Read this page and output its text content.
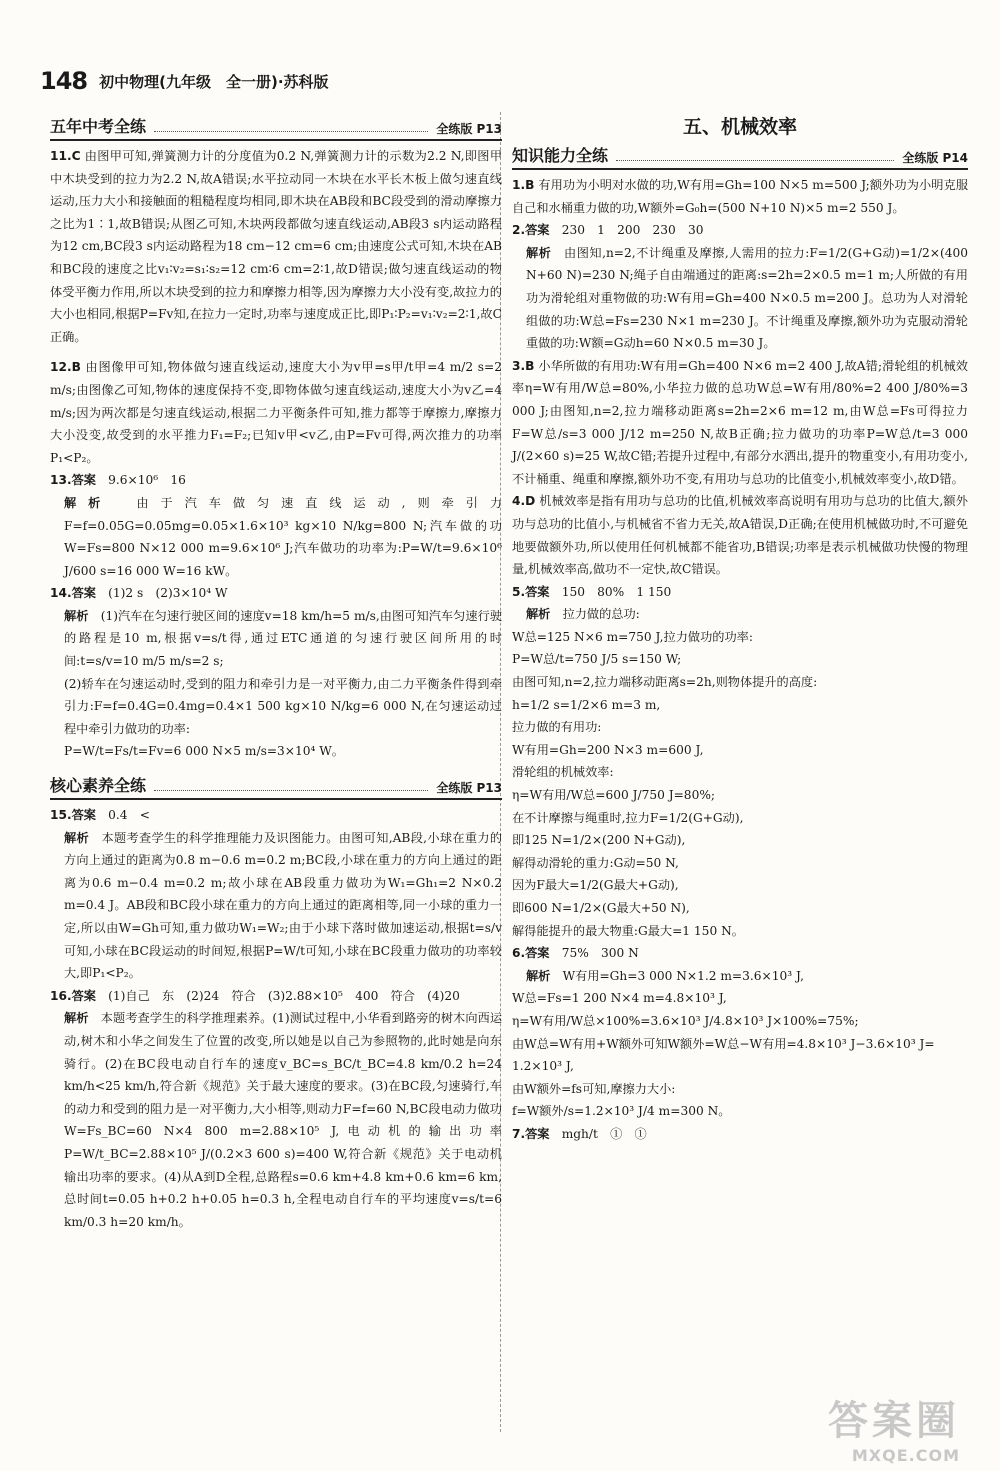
148 初中物理(九年级　全一册)·苏科版
五年中考全练	全练版 P13

11.C 由图甲可知,弹簧测力计的分度值为0.2 N,弹簧测力计的示数为2.2 N,即图甲中木块受到的拉力为2.2 N,故A错误;水平拉动同一木块在水平长木板上做匀速直线运动,压力大小和接触面的粗糙程度均相同,即木块在AB段和BC段受到的滑动摩擦力之比为1∶1,故B错误;从图乙可知,木块两段都做匀速直线运动,AB段3 s内运动路程为12 cm,BC段3 s内运动路程为18 cm−12 cm=6 cm;由速度公式可知,木块在AB和BC段的速度之比v₁∶v₂=s₁∶s₂=12 cm∶6 cm=2∶1,故D错误;做匀速直线运动的物体受平衡力作用,所以木块受到的拉力和摩擦力相等,因为摩擦力大小没有变,故拉力的大小也相同,根据P=Fv知,在拉力一定时,功率与速度成正比,即P₁∶P₂=v₁∶v₂=2∶1,故C正确。

12.B 由图像甲可知,物体做匀速直线运动,速度大小为v甲=s甲/t甲=4 m/2 s=2 m/s;由图像乙可知,物体的速度保持不变,即物体做匀速直线运动,速度大小为v乙=4 m/s;因为两次都是匀速直线运动,根据二力平衡条件可知,推力都等于摩擦力,摩擦力大小没变,故受到的水平推力F₁=F₂;已知v甲<v乙,由P=Fv可得,两次推力的功率P₁<P₂。

13.答案　 9.6×10⁶　16

解析　 由于汽车做匀速直线运动,则牵引力F=f=0.05G=0.05mg=0.05×1.6×10³ kg×10 N/kg=800 N;汽车做的功W=Fs=800 N×12 000 m=9.6×10⁶ J;汽车做功的功率为:P=W/t=9.6×10⁶ J/600 s=16 000 W=16 kW。

14.答案　 (1)2 s　(2)3×10⁴ W

解析　 (1)汽车在匀速行驶区间的速度v=18 km/h=5 m/s,由图可知汽车匀速行驶的路程是10 m,根据v=s/t得,通过ETC通道的匀速行驶区间所用的时间:t=s/v=10 m/5 m/s=2 s;

(2)轿车在匀速运动时,受到的阻力和牵引力是一对平衡力,由二力平衡条件得到牵引力:F=f=0.4G=0.4mg=0.4×1 500 kg×10 N/kg=6 000 N,在匀速运动过程中牵引力做功的功率:

P=W/t=Fs/t=Fv=6 000 N×5 m/s=3×10⁴ W。

核心素养全练	全练版 P13

15.答案　 0.4　<

解析　 本题考查学生的科学推理能力及识图能力。由图可知,AB段,小球在重力的方向上通过的距离为0.8 m−0.6 m=0.2 m;BC段,小球在重力的方向上通过的距离为0.6 m−0.4 m=0.2 m;故小球在AB段重力做功为W₁=Gh₁=2 N×0.2 m=0.4 J。AB段和BC段小球在重力的方向上通过的距离相等,同一小球的重力一定,所以由W=Gh可知,重力做功W₁=W₂;由于小球下落时做加速运动,根据t=s/v可知,小球在BC段运动的时间短,根据P=W/t可知,小球在BC段重力做功的功率较大,即P₁<P₂。

16.答案　 (1)自己　东　(2)24　符合　(3)2.88×10⁵　400　符合　(4)20

解析　 本题考查学生的科学推理素养。(1)测试过程中,小华看到路旁的树木向西运动,树木和小华之间发生了位置的改变,所以她是以自己为参照物的,此时她是向东骑行。(2)在BC段电动自行车的速度v_BC=s_BC/t_BC=4.8 km/0.2 h=24 km/h<25 km/h,符合新《规范》关于最大速度的要求。(3)在BC段,匀速骑行,车的动力和受到的阻力是一对平衡力,大小相等,则动力F=f=60 N,BC段电动力做功W=Fs_BC=60 N×4 800 m=2.88×10⁵ J,电动机的输出功率P=W/t_BC=2.88×10⁵ J/(0.2×3 600 s)=400 W,符合新《规范》关于电动机输出功率的要求。(4)从A到D全程,总路程s=0.6 km+4.8 km+0.6 km=6 km,总时间t=0.05 h+0.2 h+0.05 h=0.3 h,全程电动自行车的平均速度v=s/t=6 km/0.3 h=20 km/h。

五、机械效率
知识能力全练	全练版 P14

1.B 有用功为小明对水做的功,W有用=Gh=100 N×5 m=500 J;额外功为小明克服自己和水桶重力做的功,W额外=G₀h=(500 N+10 N)×5 m=2 550 J。

2.答案　 230　1　200　230　30

解析　 由图知,n=2,不计绳重及摩擦,人需用的拉力:F=1/2(G+G动)=1/2×(400 N+60 N)=230 N;绳子自由端通过的距离:s=2h=2×0.5 m=1 m;人所做的有用功为滑轮组对重物做的功:W有用=Gh=400 N×0.5 m=200 J。总功为人对滑轮组做的功:W总=Fs=230 N×1 m=230 J。不计绳重及摩擦,额外功为克服动滑轮重做的功:W额=G动h=60 N×0.5 m=30 J。

3.B 小华所做的有用功:W有用=Gh=400 N×6 m=2 400 J,故A错;滑轮组的机械效率η=W有用/W总=80%,小华拉力做的总功W总=W有用/80%=2 400 J/80%=3 000 J;由图知,n=2,拉力端移动距离s=2h=2×6 m=12 m,由W总=Fs可得拉力F=W总/s=3 000 J/12 m=250 N,故B正确;拉力做功的功率P=W总/t=3 000 J/(2×60 s)=25 W,故C错;若提升过程中,有部分水洒出,提升的物重变小,有用功变小,不计桶重、绳重和摩擦,额外功不变,有用功与总功的比值变小,机械效率变小,故D错。

4.D 机械效率是指有用功与总功的比值,机械效率高说明有用功与总功的比值大,额外功与总功的比值小,与机械省不省力无关,故A错误,D正确;在使用机械做功时,不可避免地要做额外功,所以使用任何机械都不能省功,B错误;功率是表示机械做功快慢的物理量,机械效率高,做功不一定快,故C错误。

5.答案　 150　80%　1 150

解析　 拉力做的总功:

W总=125 N×6 m=750 J,拉力做功的功率:

P=W总/t=750 J/5 s=150 W;

由图可知,n=2,拉力端移动距离s=2h,则物体提升的高度:

h=1/2 s=1/2×6 m=3 m,

拉力做的有用功:

W有用=Gh=200 N×3 m=600 J,

滑轮组的机械效率:

η=W有用/W总=600 J/750 J=80%;

在不计摩擦与绳重时,拉力F=1/2(G+G动),

即125 N=1/2×(200 N+G动),

解得动滑轮的重力:G动=50 N,

因为F最大=1/2(G最大+G动),

即600 N=1/2×(G最大+50 N),

解得能提升的最大物重:G最大=1 150 N。

6.答案　 75%　300 N

解析　 W有用=Gh=3 000 N×1.2 m=3.6×10³ J,

W总=Fs=1 200 N×4 m=4.8×10³ J,

η=W有用/W总×100%=3.6×10³ J/4.8×10³ J×100%=75%;

由W总=W有用+W额外可知W额外=W总−W有用=4.8×10³ J−3.6×10³ J=

1.2×10³ J,

由W额外=fs可知,摩擦力大小:

f=W额外/s=1.2×10³ J/4 m=300 N。

7.答案　 mgh/t　①　①

答案圈
MXQE.COM
